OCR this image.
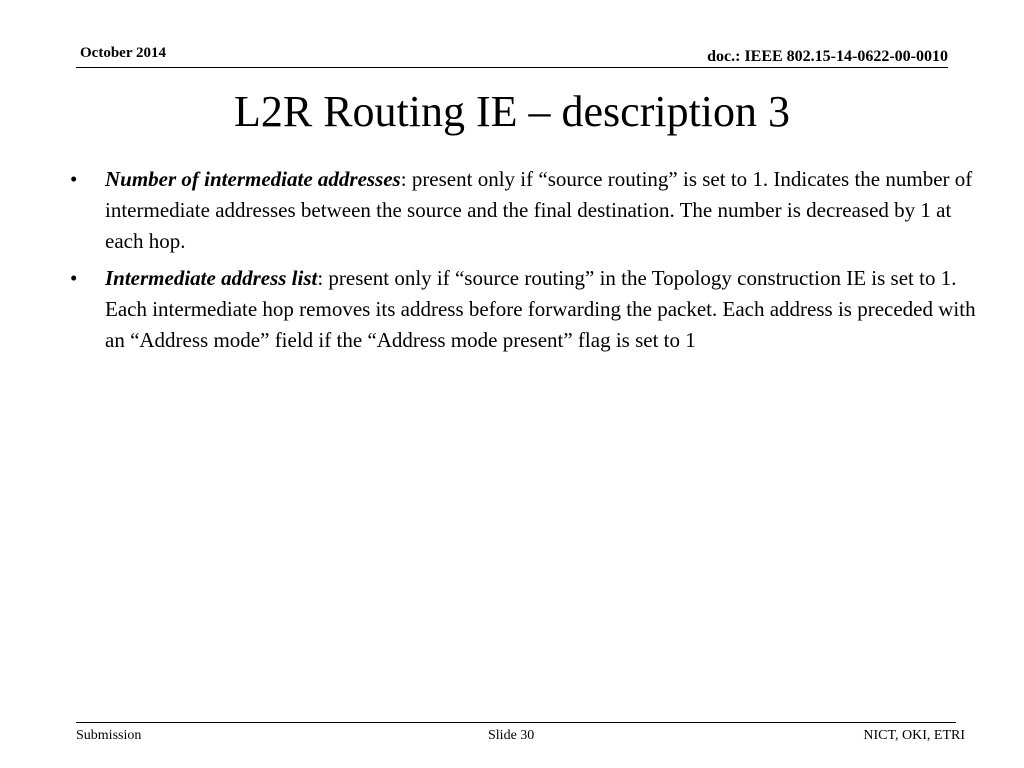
October 2014	doc.: IEEE 802.15-14-0622-00-0010
L2R Routing IE – description 3
• Number of intermediate addresses: present only if “source routing” is set to 1. Indicates the number of intermediate addresses between the source and the final destination. The number is decreased by 1 at each hop.
• Intermediate address list: present only if “source routing” in the Topology construction IE is set to 1. Each intermediate hop removes its address before forwarding the packet. Each address is preceded with an “Address mode” field if the “Address mode present” flag is set to 1
Submission	Slide 30	NICT, OKI, ETRI
